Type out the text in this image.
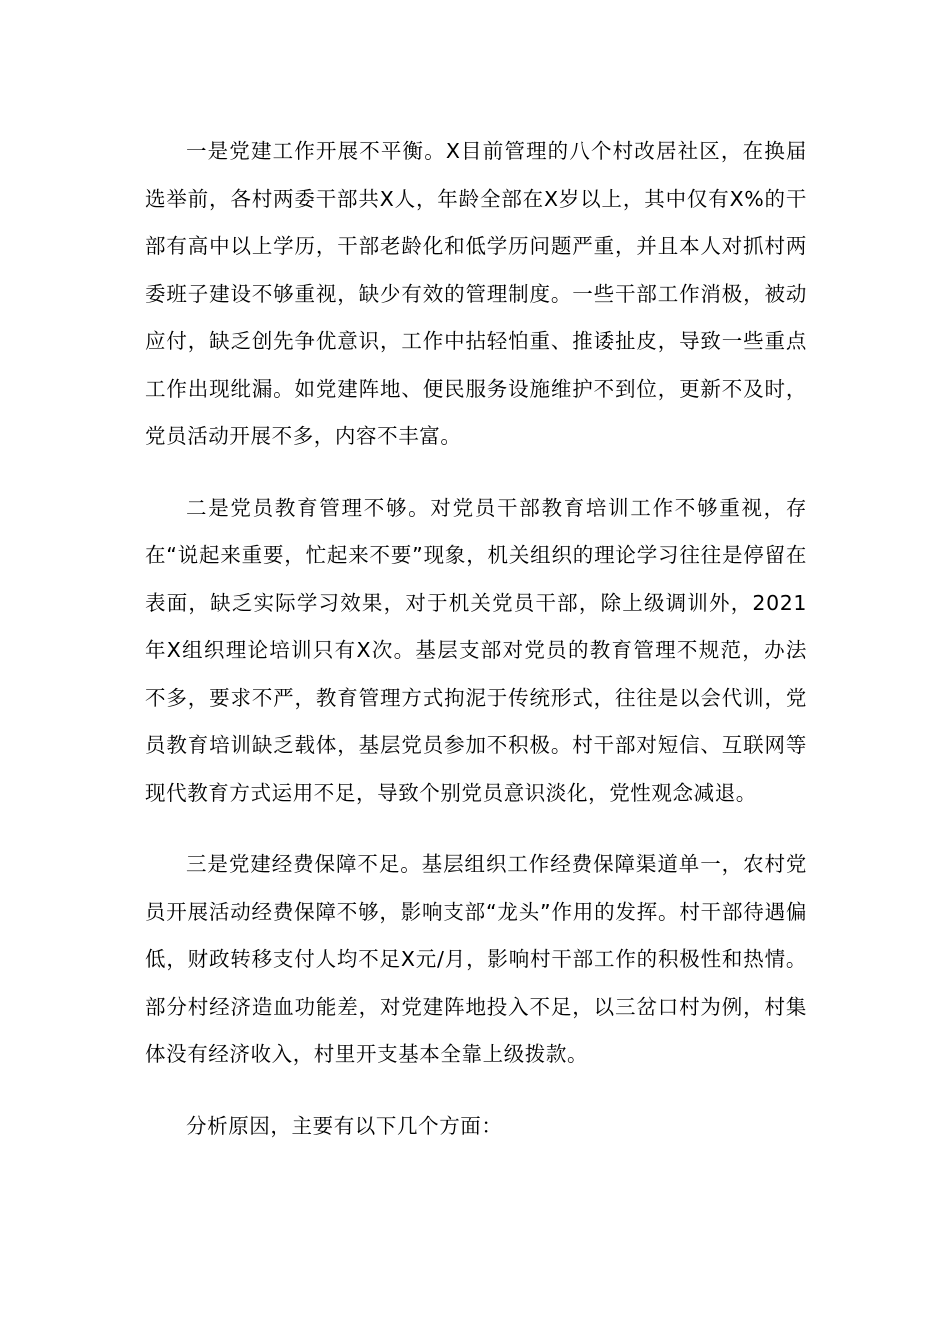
一是党建工作开展不平衡。X目前管理的八个村改居社区，在换届选举前，各村两委干部共X人，年龄全部在X岁以上，其中仅有X%的干部有高中以上学历，干部老龄化和低学历问题严重，并且本人对抓村两委班子建设不够重视，缺少有效的管理制度。一些干部工作消极，被动应付，缺乏创先争优意识，工作中拈轻怕重、推诿扯皮，导致一些重点工作出现纰漏。如党建阵地、便民服务设施维护不到位，更新不及时，党员活动开展不多，内容不丰富。

二是党员教育管理不够。对党员干部教育培训工作不够重视，存在“说起来重要，忙起来不要”现象，机关组织的理论学习往往是停留在表面，缺乏实际学习效果，对于机关党员干部，除上级调训外，2021年X组织理论培训只有X次。基层支部对党员的教育管理不规范，办法不多，要求不严，教育管理方式拘泥于传统形式，往往是以会代训，党员教育培训缺乏载体，基层党员参加不积极。村干部对短信、互联网等现代教育方式运用不足，导致个别党员意识淡化，党性观念减退。

三是党建经费保障不足。基层组织工作经费保障渠道单一，农村党员开展活动经费保障不够，影响支部“龙头”作用的发挥。村干部待遇偏低，财政转移支付人均不足X元/月，影响村干部工作的积极性和热情。部分村经济造血功能差，对党建阵地投入不足，以三岔口村为例，村集体没有经济收入，村里开支基本全靠上级拨款。

分析原因，主要有以下几个方面：
